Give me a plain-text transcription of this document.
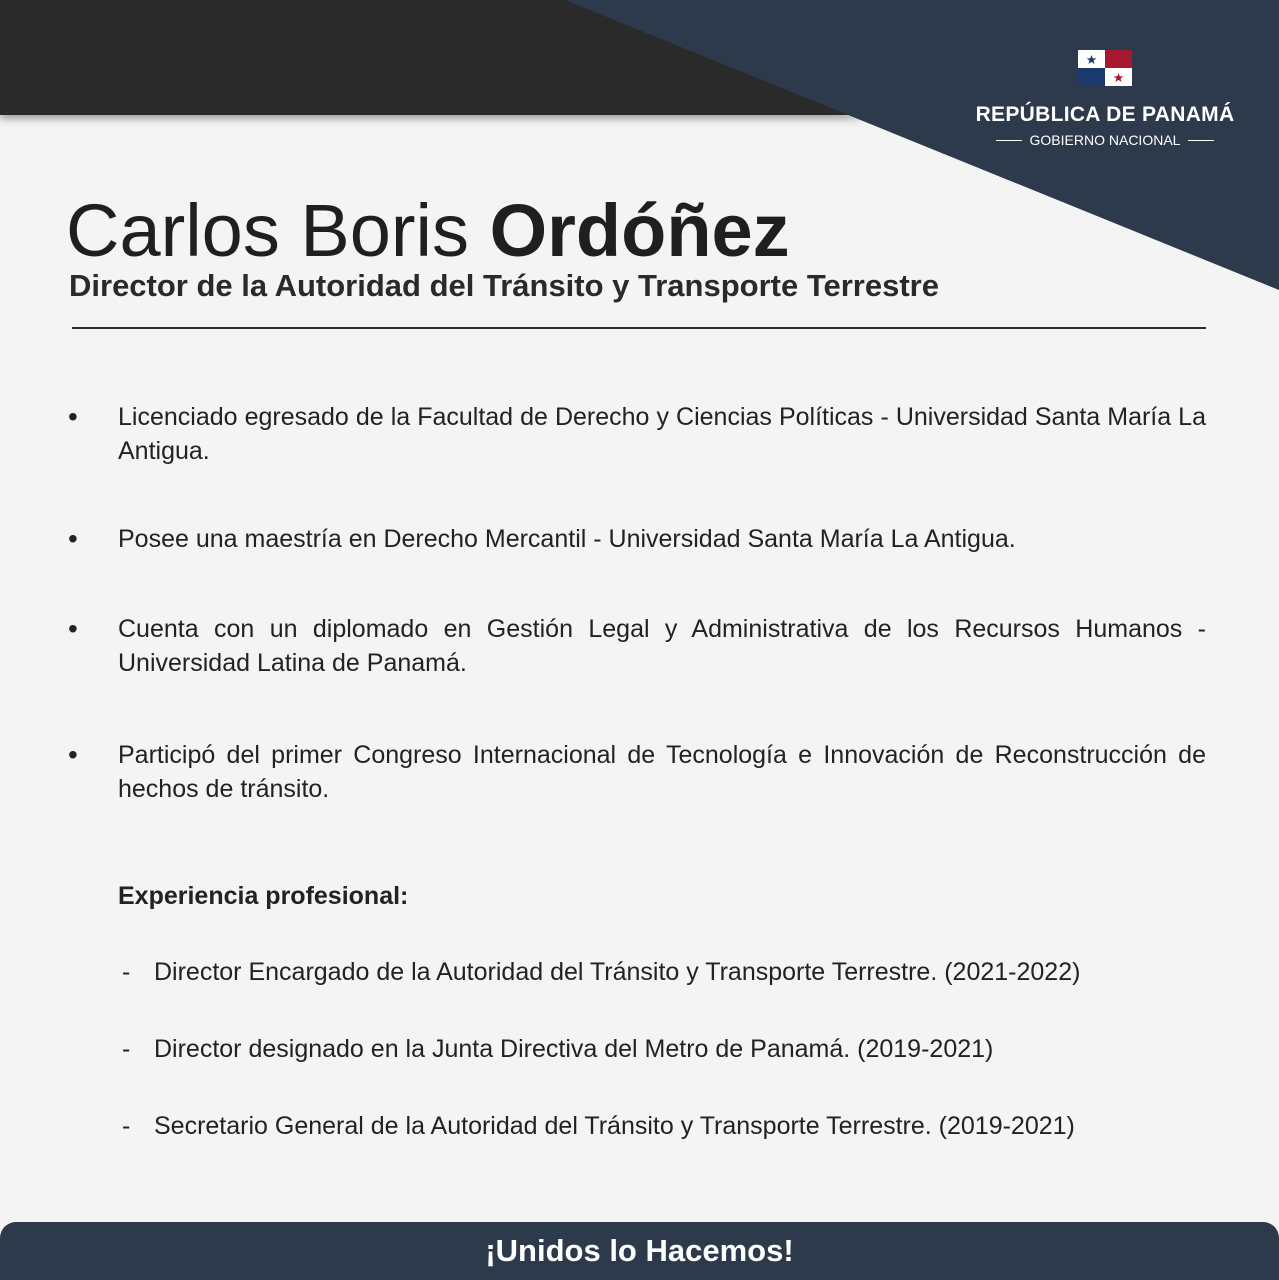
REPÚBLICA DE PANAMÁ
GOBIERNO NACIONAL
Carlos Boris Ordóñez
Director de la Autoridad del Tránsito y Transporte Terrestre
•	Licenciado egresado de la Facultad de Derecho y Ciencias Políticas - Universidad Santa María La Antigua.
•	Posee una maestría en Derecho Mercantil - Universidad Santa María La Antigua.
•	Cuenta con un diplomado en Gestión Legal y Administrativa de los Recursos Humanos - Universidad Latina de Panamá.
•	Participó del primer Congreso Internacional de Tecnología e Innovación de Reconstrucción de hechos de tránsito.
Experiencia profesional:
- Director Encargado de la Autoridad del Tránsito y Transporte Terrestre. (2021-2022)
- Director designado en la Junta Directiva del Metro de Panamá. (2019-2021)
- Secretario General de la Autoridad del Tránsito y Transporte Terrestre. (2019-2021)
¡Unidos lo Hacemos!
